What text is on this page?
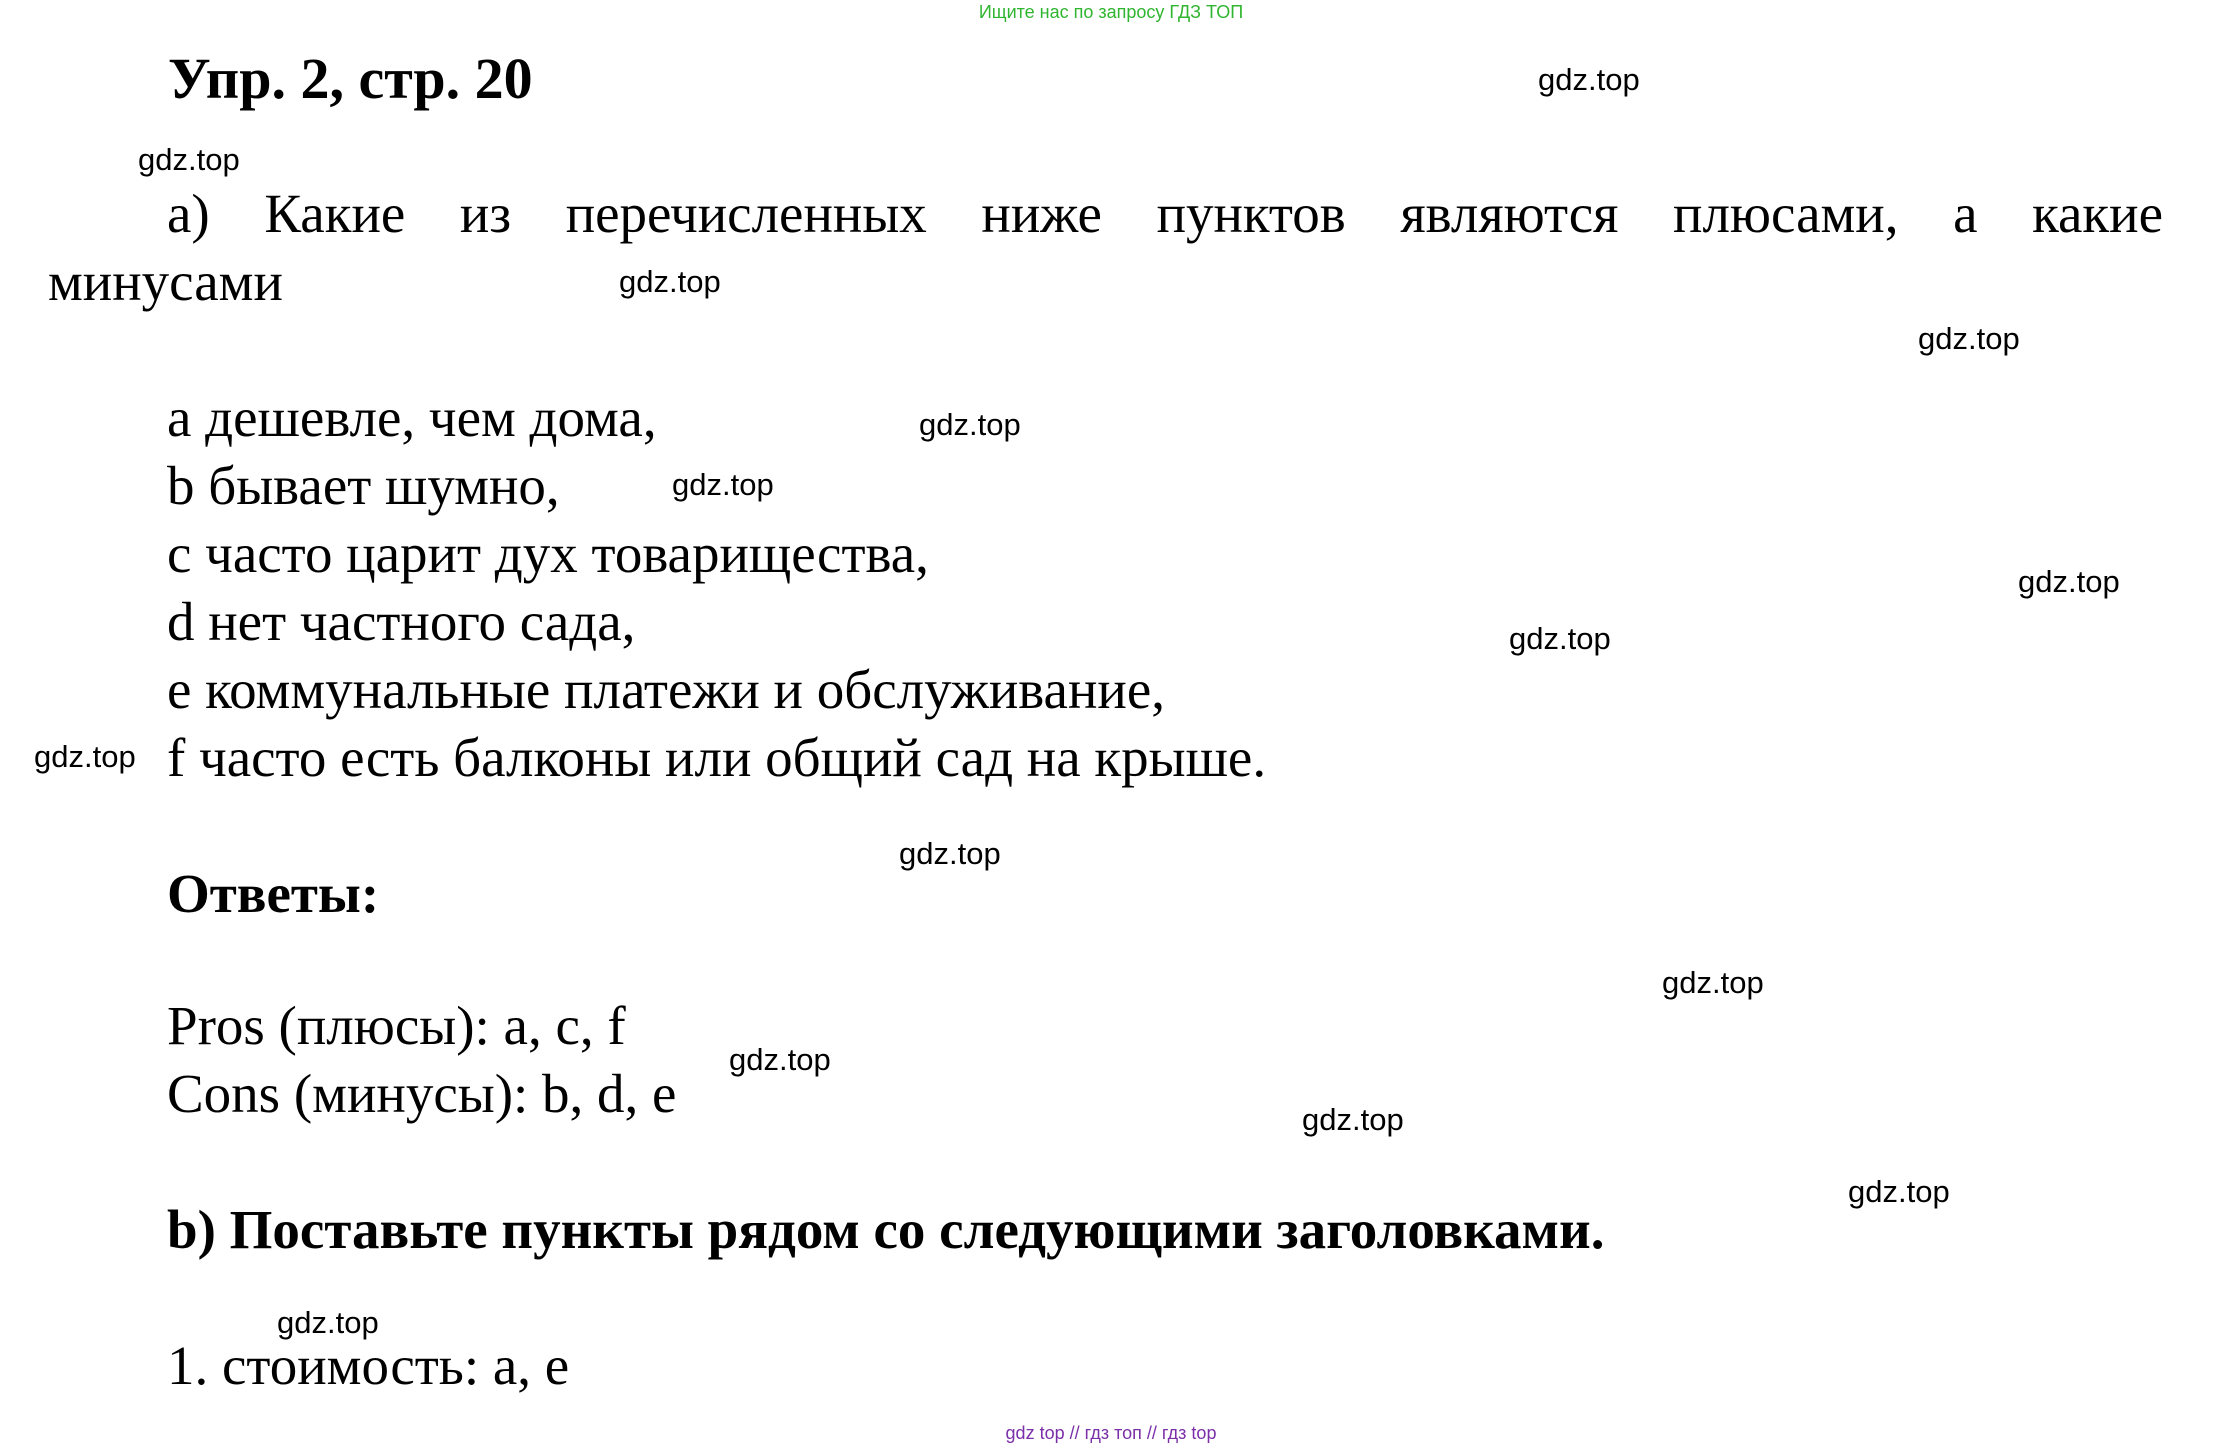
Ищите нас по запросу ГДЗ ТОП
Упр. 2, стр. 20
а) Какие из перечисленных ниже пунктов являются плюсами, а какие
минусами
a дешевле, чем дома,
b бывает шумно,
c часто царит дух товарищества,
d нет частного сада,
e коммунальные платежи и обслуживание,
f часто есть балконы или общий сад на крыше.
Ответы:
Pros (плюсы): a, c, f
Cons (минусы): b, d, e
b) Поставьте пункты рядом со следующими заголовками.
1. стоимость: a, e
gdz.top
gdz.top
gdz.top
gdz.top
gdz.top
gdz.top
gdz.top
gdz.top
gdz.top
gdz.top
gdz.top
gdz.top
gdz.top
gdz.top
gdz.top
gdz top // гдз топ // гдз top
